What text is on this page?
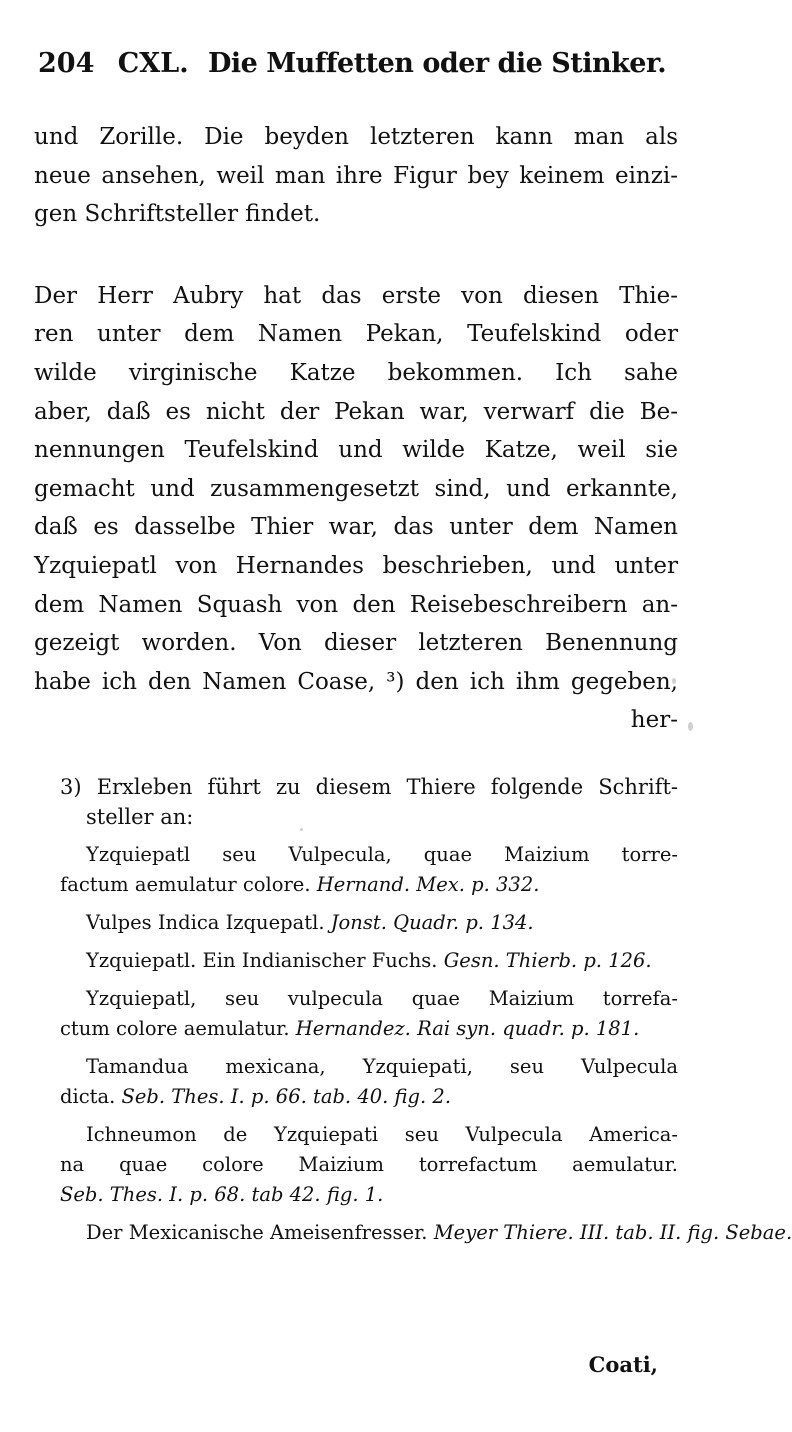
204 CXL. Die Muffetten oder die Stinker.
und Zorille. Die beyden letzteren kann man als
neue ansehen, weil man ihre Figur bey keinem einzi-
gen Schriftsteller findet.
Der Herr Aubry hat das erste von diesen Thie-
ren unter dem Namen Pekan, Teufelskind oder
wilde virginische Katze bekommen. Ich sahe
aber, daß es nicht der Pekan war, verwarf die Be-
nennungen Teufelskind und wilde Katze, weil sie
gemacht und zusammengesetzt sind, und erkannte,
daß es dasselbe Thier war, das unter dem Namen
Yzquiepatl von Hernandes beschrieben, und unter
dem Namen Squash von den Reisebeschreibern an-
gezeigt worden. Von dieser letzteren Benennung
habe ich den Namen Coase, ³) den ich ihm gegeben,
her-
3) Erxleben führt zu diesem Thiere folgende Schrift-
steller an:
Yzquiepatl seu Vulpecula, quae Maizium torre-
factum aemulatur colore. Hernand. Mex. p. 332.
Vulpes Indica Izquepatl. Jonst. Quadr. p. 134.
Yzquiepatl. Ein Indianischer Fuchs. Gesn. Thierb. p. 126.
Yzquiepatl, seu vulpecula quae Maizium torrefa-
ctum colore aemulatur. Hernandez. Rai syn. quadr. p. 181.
Tamandua mexicana, Yzquiepati, seu Vulpecula
dicta. Seb. Thes. I. p. 66. tab. 40. fig. 2.
Ichneumon de Yzquiepati seu Vulpecula America-
na quae colore Maizium torrefactum aemulatur.
Seb. Thes. I. p. 68. tab 42. fig. 1.
Der Mexicanische Ameisenfresser. Meyer Thiere. III. tab. II. fig. Sebae.
Coati,
